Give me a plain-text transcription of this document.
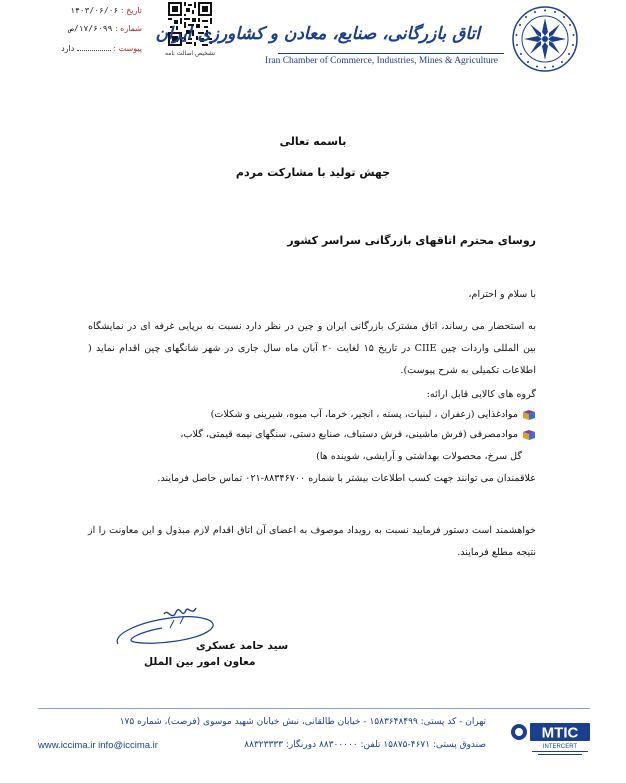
تاریخ : ۱۴۰۳/۰۶/۰۶
شماره : ۱۷/۶۰۹۹/ص
پیوست :  دارد
تشخیص اصالت نامه
اتاق بازرگانی، صنایع، معادن و کشاورزی ایران
Iran Chamber of Commerce, Industries, Mines & Agriculture
باسمه تعالی
جهش تولید با مشارکت مردم
روسای محترم اتاقهای بازرگانی سراسر کشور
با سلام و احترام،
به استحضار می رساند، اتاق مشترک بازرگانی ایران و چین در نظر دارد نسبت به برپایی غرفه ای در نمایشگاه بین المللی واردات چین CIIE در تاریخ ۱۵ لغایت ۲۰ آبان ماه سال جاری در شهر شانگهای چین اقدام نماید ( اطلاعات تکمیلی به شرح پیوست).
گروه های کالایی قابل ارائه:
موادغذایی (زعفران ، لبنیات، پسته ، انجیر، خرما، آب میوه، شیرینی و شکلات)
موادمصرفی (فرش ماشینی، فرش دستباف، صنایع دستی، سنگهای نیمه قیمتی، گلاب،
گل سرخ، محصولات بهداشتی و آرایشی، شوینده ها)
علاقمندان می توانند جهت کسب اطلاعات بیشتر با شماره ۸۸۳۴۶۷۰۰-۰۲۱ تماس حاصل فرمایند.
خواهشمند است دستور فرمایید نسبت به رویداد موصوف به اعضای آن اتاق اقدام لازم مبذول و این معاونت را از نتیجه مطلع فرمایند.
سید حامد عسکری
معاون امور بین الملل
تهران - کد پستی: ۱۵۸۳۶۴۸۴۹۹ - خیابان طالقانی، نبش خیابان شهید موسوی (فرصت)، شماره ۱۷۵
صندوق پستی: ۴۶۷۱-۱۵۸۷۵ تلفن: ۸۸۳۰۰۰۰۰ دورنگار: ۸۸۳۲۳۳۳۳
www.iccima.ir info@iccima.ir
MTIC
INTERCERT
